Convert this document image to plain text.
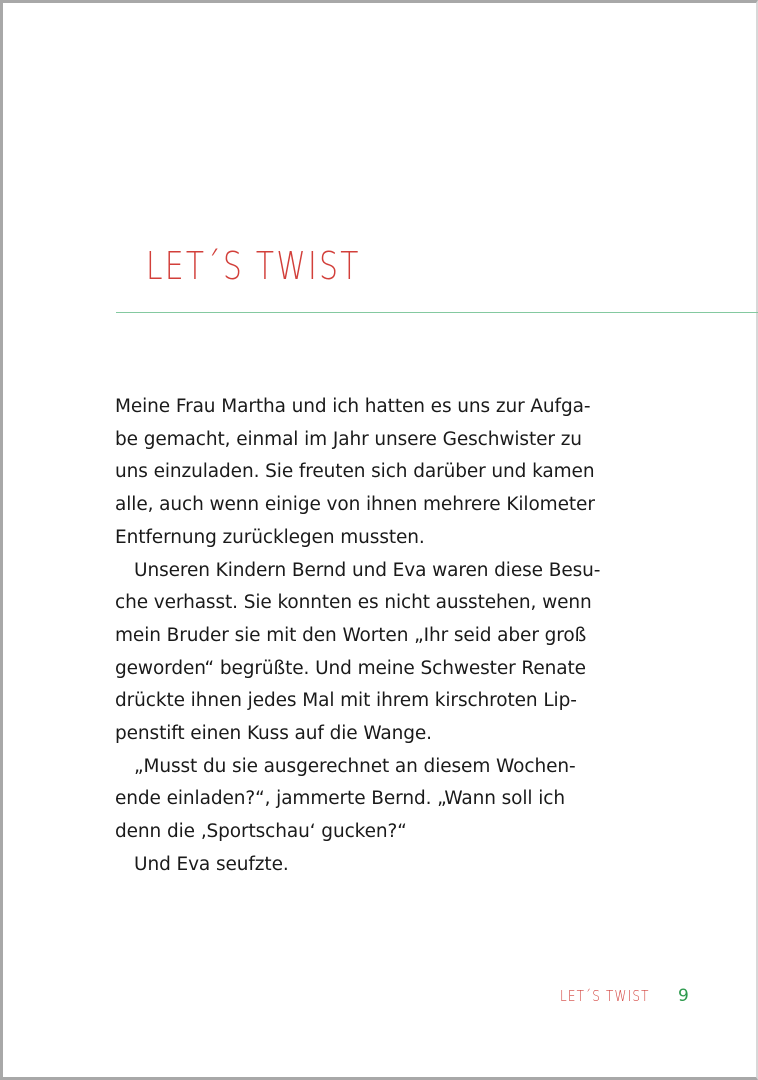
LET´S TWIST
Meine Frau Martha und ich hatten es uns zur Aufga-
be gemacht, einmal im Jahr unsere Geschwister zu
uns einzuladen. Sie freuten sich darüber und kamen
alle, auch wenn einige von ihnen mehrere Kilometer
Entfernung zurücklegen mussten.
Unseren Kindern Bernd und Eva waren diese Besu-
che verhasst. Sie konnten es nicht ausstehen, wenn
mein Bruder sie mit den Worten „Ihr seid aber groß
geworden“ begrüßte. Und meine Schwester Renate
drückte ihnen jedes Mal mit ihrem kirschroten Lip-
penstift einen Kuss auf die Wange.
„Musst du sie ausgerechnet an diesem Wochen-
ende einladen?“, jammerte Bernd. „Wann soll ich
denn die ‚Sportschau‘ gucken?“
Und Eva seufzte.
LET´S TWIST 9
